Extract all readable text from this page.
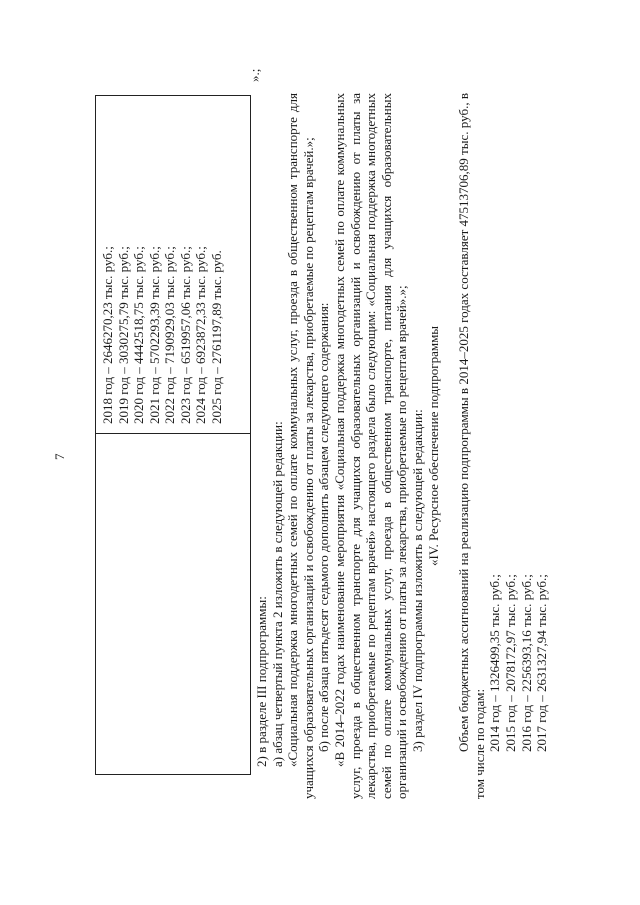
7
2018 год – 2646270,23 тыс. руб.; 2019 год – 3030275,79 тыс. руб.; 2020 год – 4442518,75 тыс. руб.; 2021 год – 5702293,39 тыс. руб.; 2022 год – 7190929,03 тыс. руб.; 2023 год – 6519957,06 тыс. руб.; 2024 год – 6923872,33 тыс. руб.; 2025 год – 2761197,89 тыс. руб.
».;

2) в разделе III подпрограммы: а) абзац четвертый пункта 2 изложить в следующей редакции: «Социальная поддержка многодетных семей по оплате коммунальных услуг, проезда в общественном транспорте для учащихся образовательных организаций и освобождению от платы за лекарства, приобретаемые по рецептам врачей.»; б) после абзаца пятьдесят седьмого дополнить абзацем следующего содержания: «В 2014–2022 годах наименование мероприятия «Социальная поддержка многодетных семей по оплате коммунальных услуг, проезда в общественном транспорте для учащихся образовательных организаций и освобождению от платы за лекарства, приобретаемые по рецептам врачей» настоящего раздела было следующим: «Социальная поддержка многодетных семей по оплате коммунальных услуг, проезда в общественном транспорте, питания для учащихся образовательных организаций и освобождению от платы за лекарства, приобретаемые по рецептам врачей».»; 3) раздел IV подпрограммы изложить в следующей редакции: «IV. Ресурсное обеспечение подпрограммы Объем бюджетных ассигнований на реализацию подпрограммы в 2014–2025 годах составляет 47513706,89 тыс. руб., в том числе по годам: 2014 год – 1326499,35 тыс. руб.; 2015 год – 2078172,97 тыс. руб.; 2016 год – 2256393,16 тыс. руб.; 2017 год – 2631327,94 тыс. руб.;
